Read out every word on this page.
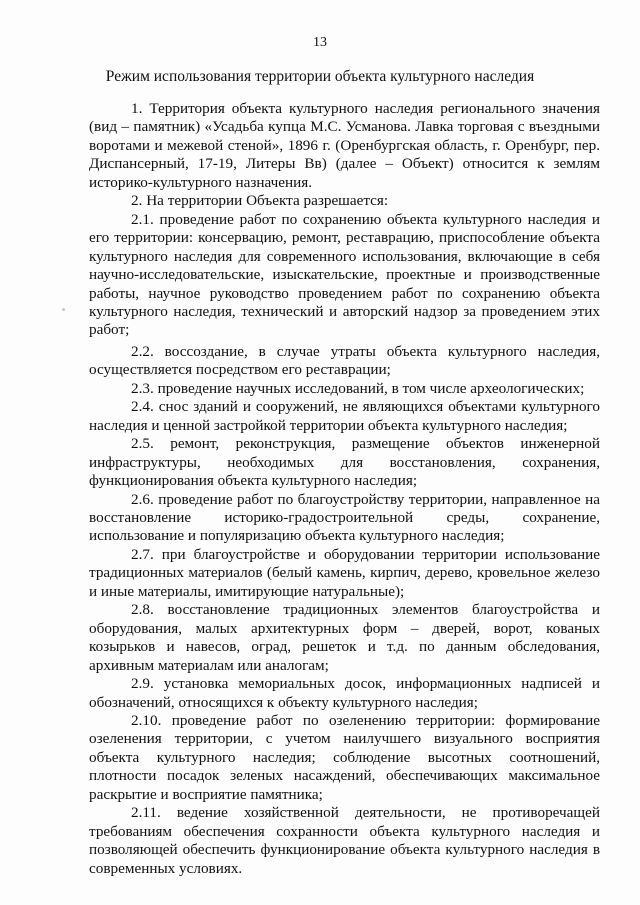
13
Режим использования территории объекта культурного наследия

1. Территория объекта культурного наследия регионального значения (вид – памятник) «Усадьба купца М.С. Усманова. Лавка торговая с въездными воротами и межевой стеной», 1896 г. (Оренбургская область, г. Оренбург, пер. Диспансерный, 17-19, Литеры Вв) (далее – Объект) относится к землям историко-культурного назначения.

2. На территории Объекта разрешается:

2.1. проведение работ по сохранению объекта культурного наследия и его территории: консервацию, ремонт, реставрацию, приспособление объекта культурного наследия для современного использования, включающие в себя научно-исследовательские, изыскательские, проектные и производственные работы, научное руководство проведением работ по сохранению объекта культурного наследия, технический и авторский надзор за проведением этих работ;

2.2. воссоздание, в случае утраты объекта культурного наследия, осуществляется посредством его реставрации;

2.3. проведение научных исследований, в том числе археологических;

2.4. снос зданий и сооружений, не являющихся объектами культурного наследия и ценной застройкой территории объекта культурного наследия;

2.5. ремонт, реконструкция, размещение объектов инженерной инфраструктуры, необходимых для восстановления, сохранения, функционирования объекта культурного наследия;

2.6. проведение работ по благоустройству территории, направленное на восстановление историко-градостроительной среды, сохранение, использование и популяризацию объекта культурного наследия;

2.7. при благоустройстве и оборудовании территории использование традиционных материалов (белый камень, кирпич, дерево, кровельное железо и иные материалы, имитирующие натуральные);

2.8. восстановление традиционных элементов благоустройства и оборудования, малых архитектурных форм – дверей, ворот, кованых козырьков и навесов, оград, решеток и т.д. по данным обследования, архивным материалам или аналогам;

2.9. установка мемориальных досок, информационных надписей и обозначений, относящихся к объекту культурного наследия;

2.10. проведение работ по озеленению территории: формирование озеленения территории, с учетом наилучшего визуального восприятия объекта культурного наследия; соблюдение высотных соотношений, плотности посадок зеленых насаждений, обеспечивающих максимальное раскрытие и восприятие памятника;

2.11. ведение хозяйственной деятельности, не противоречащей требованиям обеспечения сохранности объекта культурного наследия и позволяющей обеспечить функционирование объекта культурного наследия в современных условиях.
